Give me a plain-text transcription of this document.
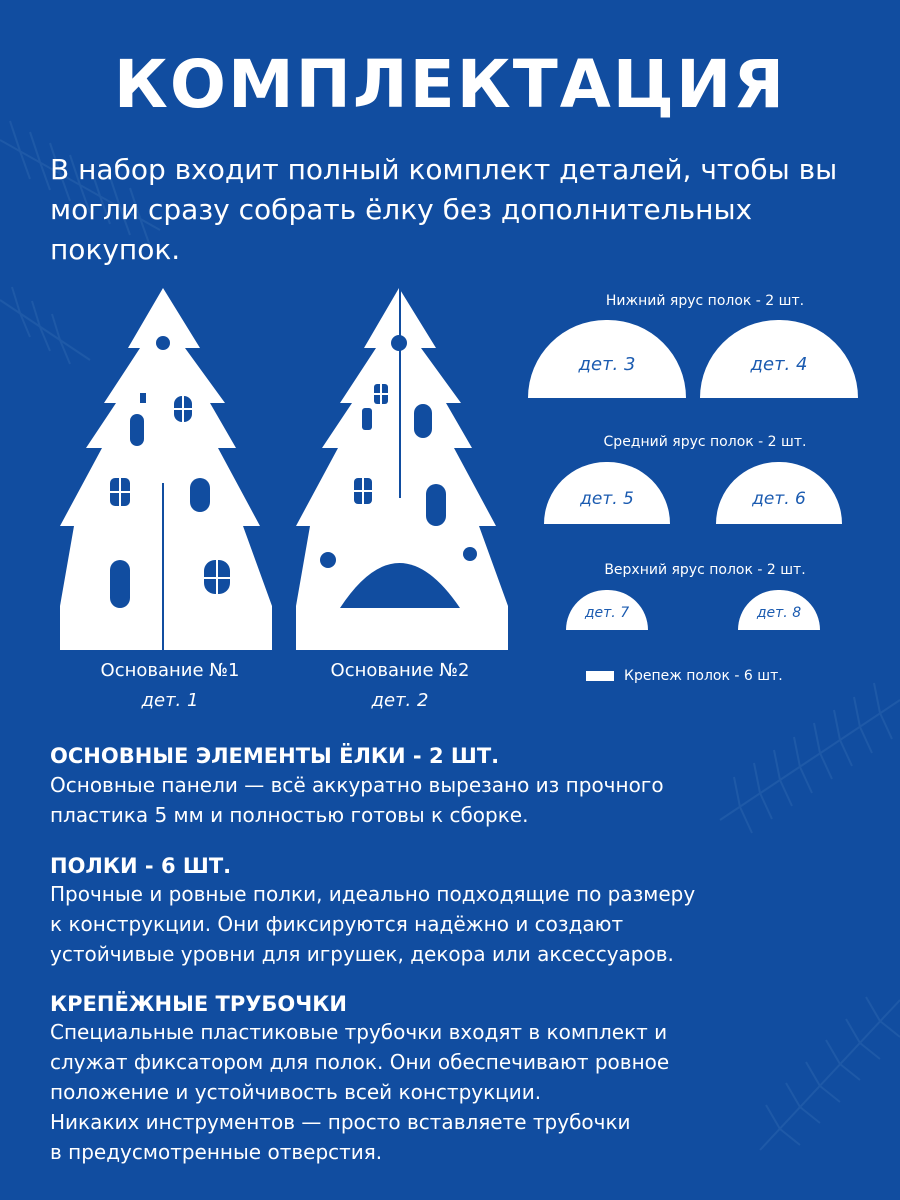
КОМПЛЕКТАЦИЯ
В набор входит полный комплект деталей, чтобы вы могли сразу собрать ёлку без дополнительных покупок.
Основание №1
дет. 1
Основание №2
дет. 2
Нижний ярус полок - 2 шт.
дет. 3	дет. 4
Средний ярус полок - 2 шт.
дет. 5	дет. 6
Верхний ярус полок - 2 шт.
дет. 7	дет. 8
Крепеж полок - 6 шт.
ОСНОВНЫЕ ЭЛЕМЕНТЫ ЁЛКИ - 2 ШТ.
Основные панели — всё аккуратно вырезано из прочного
пластика 5 мм и полностью готовы к сборке.
ПОЛКИ - 6 ШТ.
Прочные и ровные полки, идеально подходящие по размеру
к конструкции. Они фиксируются надёжно и создают
устойчивые уровни для игрушек, декора или аксессуаров.
КРЕПЁЖНЫЕ ТРУБОЧКИ
Специальные пластиковые трубочки входят в комплект и
служат фиксатором для полок. Они обеспечивают ровное
положение и устойчивость всей конструкции.
Никаких инструментов — просто вставляете трубочки
в предусмотренные отверстия.
